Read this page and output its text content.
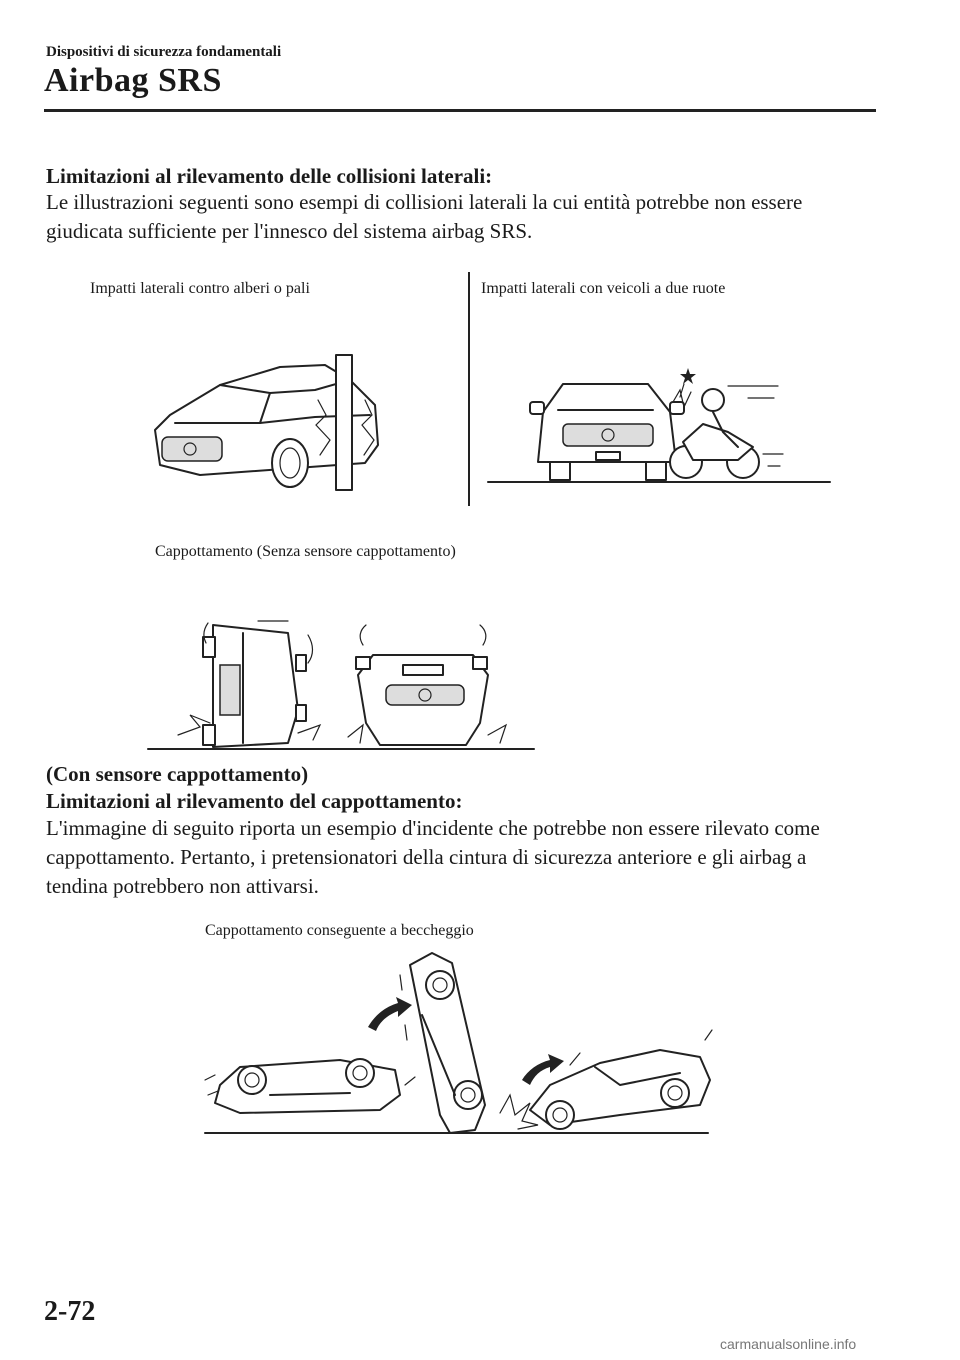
Dispositivi di sicurezza fondamentali
Airbag SRS
Limitazioni al rilevamento delle collisioni laterali:
Le illustrazioni seguenti sono esempi di collisioni laterali la cui entità potrebbe non essere
giudicata sufficiente per l'innesco del sistema airbag SRS.
Impatti laterali contro alberi o pali	Impatti laterali con veicoli a due ruote
Cappottamento (Senza sensore cappottamento)
(Con sensore cappottamento)
Limitazioni al rilevamento del cappottamento:
L'immagine di seguito riporta un esempio d'incidente che potrebbe non essere rilevato come
cappottamento. Pertanto, i pretensionatori della cintura di sicurezza anteriore e gli airbag a
tendina potrebbero non attivarsi.
Cappottamento conseguente a beccheggio
2-72
carmanualsonline.info
